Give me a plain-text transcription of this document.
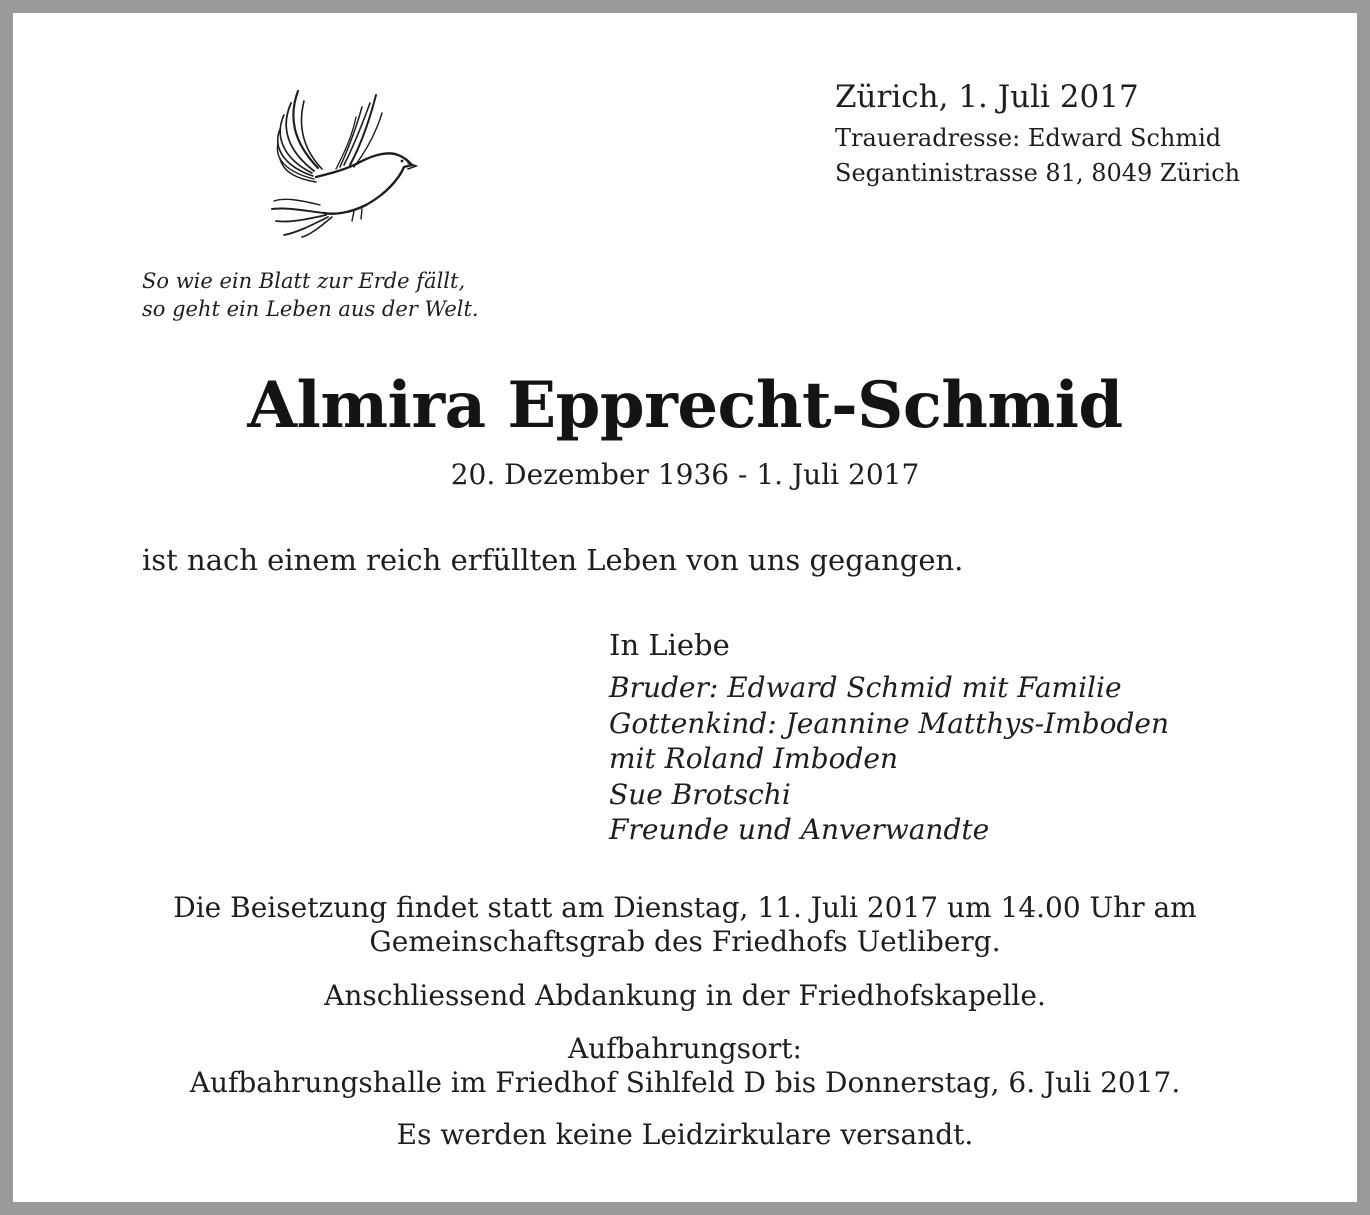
Zürich, 1. Juli 2017
Traueradresse: Edward Schmid
Segantinistrasse 81, 8049 Zürich
So wie ein Blatt zur Erde fällt,
so geht ein Leben aus der Welt.
Almira Epprecht-Schmid
20. Dezember 1936 - 1. Juli 2017
ist nach einem reich erfüllten Leben von uns gegangen.
In Liebe
Bruder: Edward Schmid mit Familie
Gottenkind: Jeannine Matthys-Imboden
mit Roland Imboden
Sue Brotschi
Freunde und Anverwandte
Die Beisetzung findet statt am Dienstag, 11. Juli 2017 um 14.00 Uhr am
Gemeinschaftsgrab des Friedhofs Uetliberg.
Anschliessend Abdankung in der Friedhofskapelle.
Aufbahrungsort:
Aufbahrungshalle im Friedhof Sihlfeld D bis Donnerstag, 6. Juli 2017.
Es werden keine Leidzirkulare versandt.
